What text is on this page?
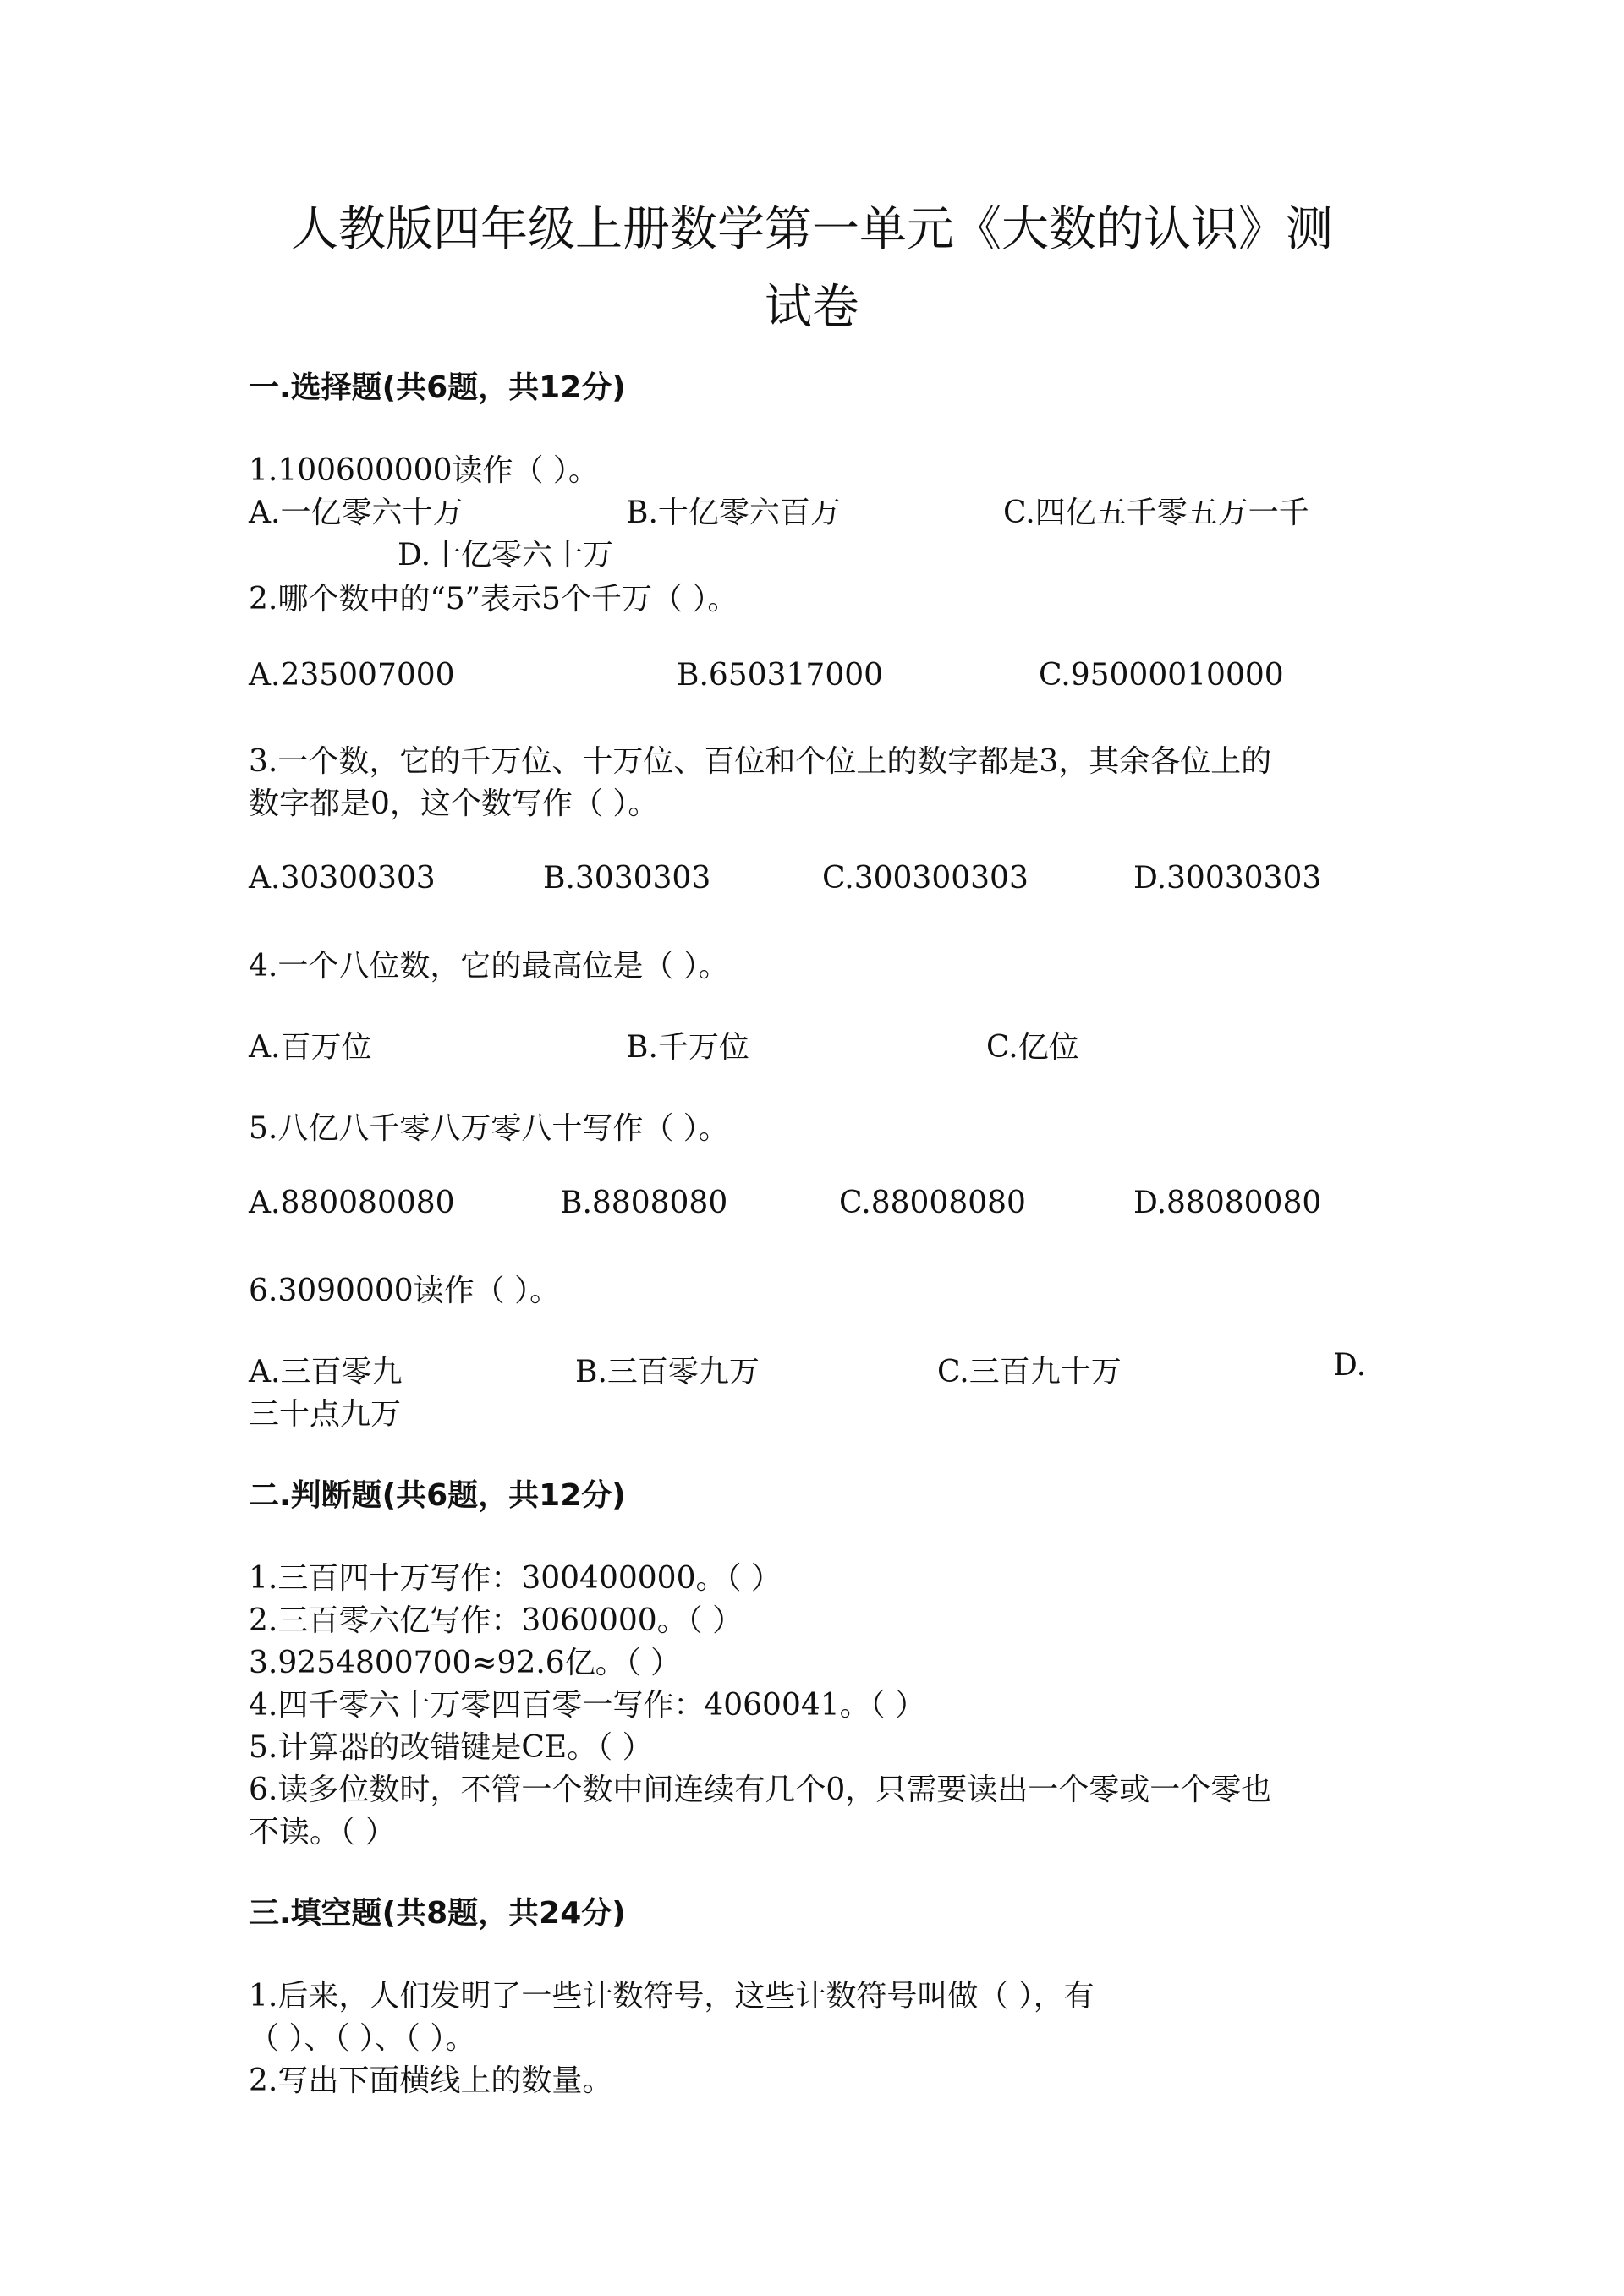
人教版四年级上册数学第一单元《大数的认识》测
试卷

一.选择题(共6题，共12分)

1.100600000读作（ ）。

A.一亿零六十万	B.十亿零六百万	C.四亿五千零五万一千

D.十亿零六十万

2.哪个数中的“5”表示5个千万（ ）。

A.235007000	B.650317000	C.95000010000

3.一个数，它的千万位、十万位、百位和个位上的数字都是3，其余各位上的

数字都是0，这个数写作（ ）。

A.30300303	B.3030303	C.300300303	D.30030303

4.一个八位数，它的最高位是（ ）。

A.百万位	B.千万位	C.亿位

5.八亿八千零八万零八十写作（ ）。

A.880080080	B.8808080	C.88008080	D.88080080

6.3090000读作（ ）。

A.三百零九	B.三百零九万	C.三百九十万	D.

三十点九万

二.判断题(共6题，共12分)

1.三百四十万写作：300400000。（ ）

2.三百零六亿写作：3060000。（ ）

3.9254800700≈92.6亿。（ ）

4.四千零六十万零四百零一写作：4060041。（ ）

5.计算器的改错键是CE。（ ）

6.读多位数时，不管一个数中间连续有几个0，只需要读出一个零或一个零也

不读。（ ）

三.填空题(共8题，共24分)

1.后来，人们发明了一些计数符号，这些计数符号叫做（ ），有

（ ）、（ ）、（ ）。

2.写出下面横线上的数量。
